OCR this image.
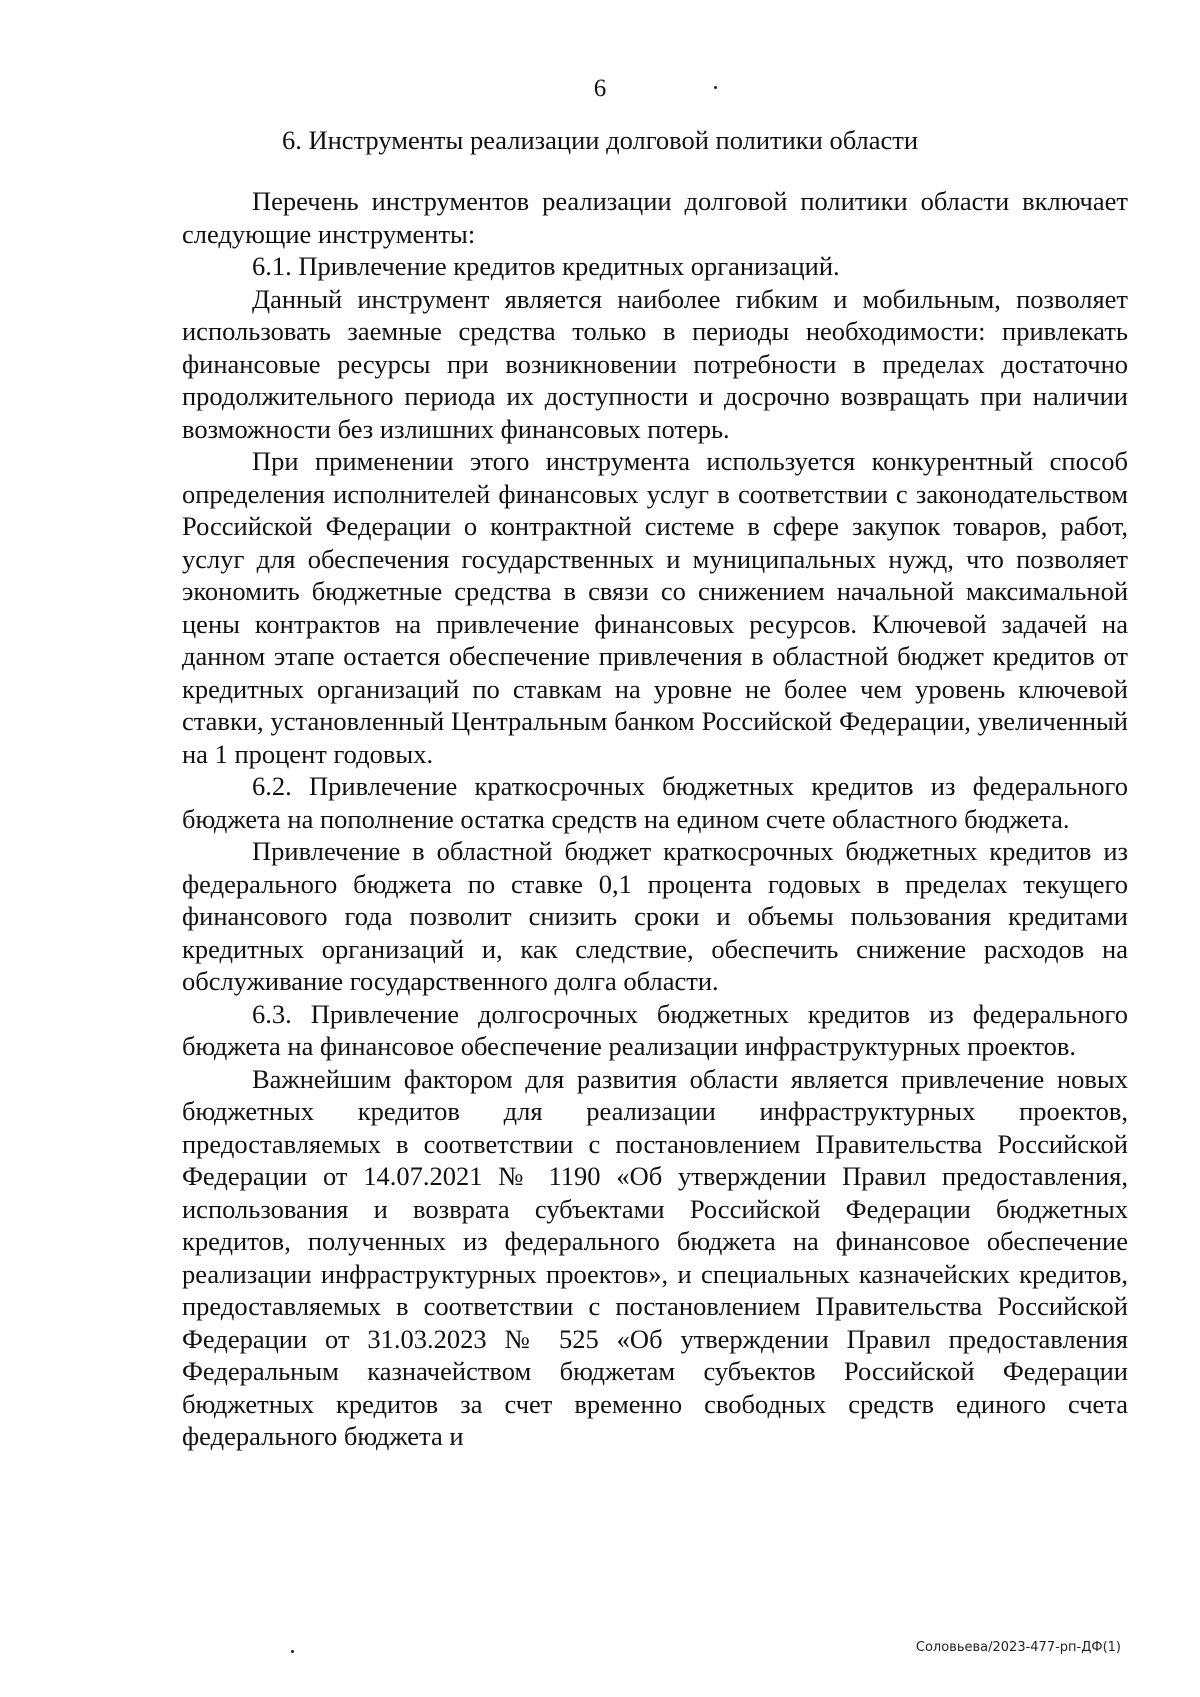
6
6. Инструменты реализации долговой политики области

Перечень инструментов реализации долговой политики области включает следующие инструменты:

6.1. Привлечение кредитов кредитных организаций.

Данный инструмент является наиболее гибким и мобильным, позволяет использовать заемные средства только в периоды необходимости: привлекать финансовые ресурсы при возникновении потребности в пределах достаточно продолжительного периода их доступности и досрочно возвращать при наличии возможности без излишних финансовых потерь.

При применении этого инструмента используется конкурентный способ определения исполнителей финансовых услуг в соответствии с законодательством Российской Федерации о контрактной системе в сфере закупок товаров, работ, услуг для обеспечения государственных и муниципальных нужд, что позволяет экономить бюджетные средства в связи со снижением начальной максимальной цены контрактов на привлечение финансовых ресурсов. Ключевой задачей на данном этапе остается обеспечение привлечения в областной бюджет кредитов от кредитных организаций по ставкам на уровне не более чем уровень ключевой ставки, установленный Центральным банком Российской Федерации, увеличенный на 1 процент годовых.

6.2. Привлечение краткосрочных бюджетных кредитов из федерального бюджета на пополнение остатка средств на едином счете областного бюджета.

Привлечение в областной бюджет краткосрочных бюджетных кредитов из федерального бюджета по ставке 0,1 процента годовых в пределах текущего финансового года позволит снизить сроки и объемы пользования кредитами кредитных организаций и, как следствие, обеспечить снижение расходов на обслуживание государственного долга области.

6.3. Привлечение долгосрочных бюджетных кредитов из федерального бюджета на финансовое обеспечение реализации инфраструктурных проектов.

Важнейшим фактором для развития области является привлечение новых бюджетных кредитов для реализации инфраструктурных проектов, предоставляемых в соответствии с постановлением Правительства Российской Федерации от 14.07.2021 № 1190 «Об утверждении Правил предоставления, использования и возврата субъектами Российской Федерации бюджетных кредитов, полученных из федерального бюджета на финансовое обеспечение реализации инфраструктурных проектов», и специальных казначейских кредитов, предоставляемых в соответствии с постановлением Правительства Российской Федерации от 31.03.2023 № 525 «Об утверждении Правил предоставления Федеральным казначейством бюджетам субъектов Российской Федерации бюджетных кредитов за счет временно свободных средств единого счета федерального бюджета и

Соловьева/2023-477-рп-ДФ(1)
